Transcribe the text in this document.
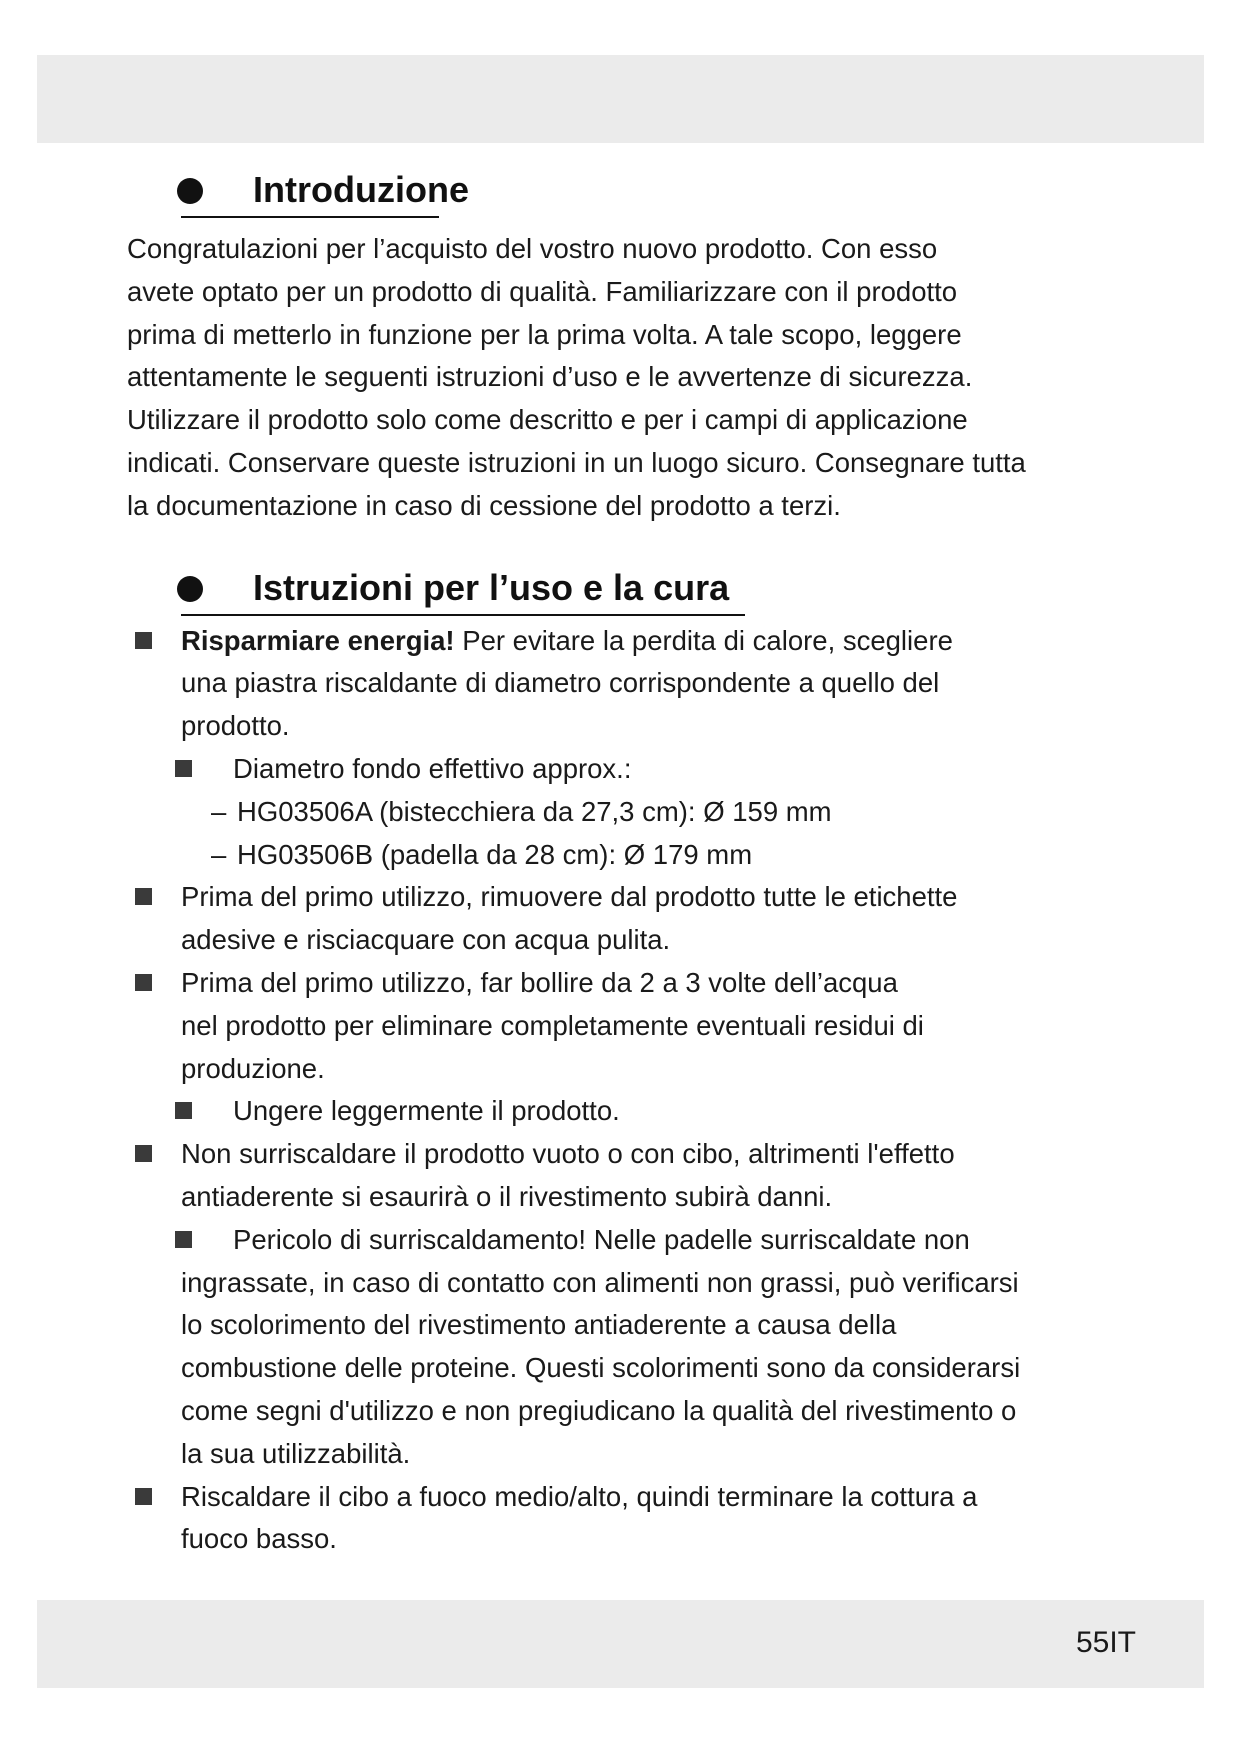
Introduzione
Congratulazioni per l’acquisto del vostro nuovo prodotto. Con esso
avete optato per un prodotto di qualità. Familiarizzare con il prodotto
prima di metterlo in funzione per la prima volta. A tale scopo, leggere
attentamente le seguenti istruzioni d’uso e le avvertenze di sicurezza.
Utilizzare il prodotto solo come descritto e per i campi di applicazione
indicati. Conservare queste istruzioni in un luogo sicuro. Consegnare tutta
la documentazione in caso di cessione del prodotto a terzi.
Istruzioni per l’uso e la cura
Risparmiare energia! Per evitare la perdita di calore, scegliere
una piastra riscaldante di diametro corrispondente a quello del
prodotto.
Diametro fondo effettivo approx.:
– HG03506A (bistecchiera da 27,3 cm): Ø 159 mm
– HG03506B (padella da 28 cm): Ø 179 mm
Prima del primo utilizzo, rimuovere dal prodotto tutte le etichette
adesive e risciacquare con acqua pulita.
Prima del primo utilizzo, far bollire da 2 a 3 volte dell’acqua
nel prodotto per eliminare completamente eventuali residui di
produzione.
Ungere leggermente il prodotto.
Non surriscaldare il prodotto vuoto o con cibo, altrimenti l'effetto
antiaderente si esaurirà o il rivestimento subirà danni.
Pericolo di surriscaldamento! Nelle padelle surriscaldate non
ingrassate, in caso di contatto con alimenti non grassi, può verificarsi
lo scolorimento del rivestimento antiaderente a causa della
combustione delle proteine. Questi scolorimenti sono da considerarsi
come segni d'utilizzo e non pregiudicano la qualità del rivestimento o
la sua utilizzabilità.
Riscaldare il cibo a fuoco medio/alto, quindi terminare la cottura a
fuoco basso.
55IT
